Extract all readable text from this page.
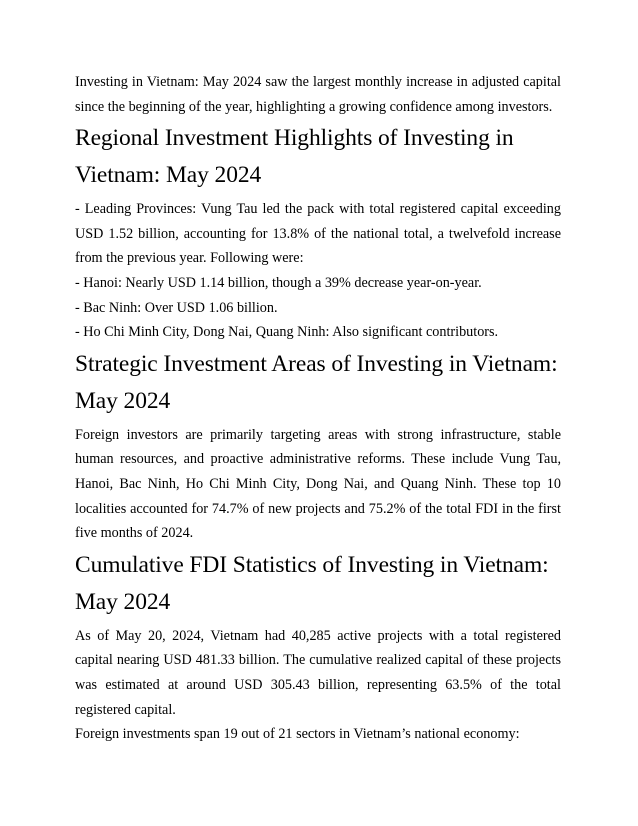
Investing in Vietnam: May 2024 saw the largest monthly increase in adjusted capital since the beginning of the year, highlighting a growing confidence among investors.

Regional Investment Highlights of Investing in Vietnam: May 2024

- Leading Provinces: Vung Tau led the pack with total registered capital exceeding USD 1.52 billion, accounting for 13.8% of the national total, a twelvefold increase from the previous year. Following were:

- Hanoi: Nearly USD 1.14 billion, though a 39% decrease year-on-year.

- Bac Ninh: Over USD 1.06 billion.

- Ho Chi Minh City, Dong Nai, Quang Ninh: Also significant contributors.

Strategic Investment Areas of Investing in Vietnam: May 2024

Foreign investors are primarily targeting areas with strong infrastructure, stable human resources, and proactive administrative reforms. These include Vung Tau, Hanoi, Bac Ninh, Ho Chi Minh City, Dong Nai, and Quang Ninh. These top 10 localities accounted for 74.7% of new projects and 75.2% of the total FDI in the first five months of 2024.

Cumulative FDI Statistics of Investing in Vietnam: May 2024

As of May 20, 2024, Vietnam had 40,285 active projects with a total registered capital nearing USD 481.33 billion. The cumulative realized capital of these projects was estimated at around USD 305.43 billion, representing 63.5% of the total registered capital.

Foreign investments span 19 out of 21 sectors in Vietnam’s national economy:
